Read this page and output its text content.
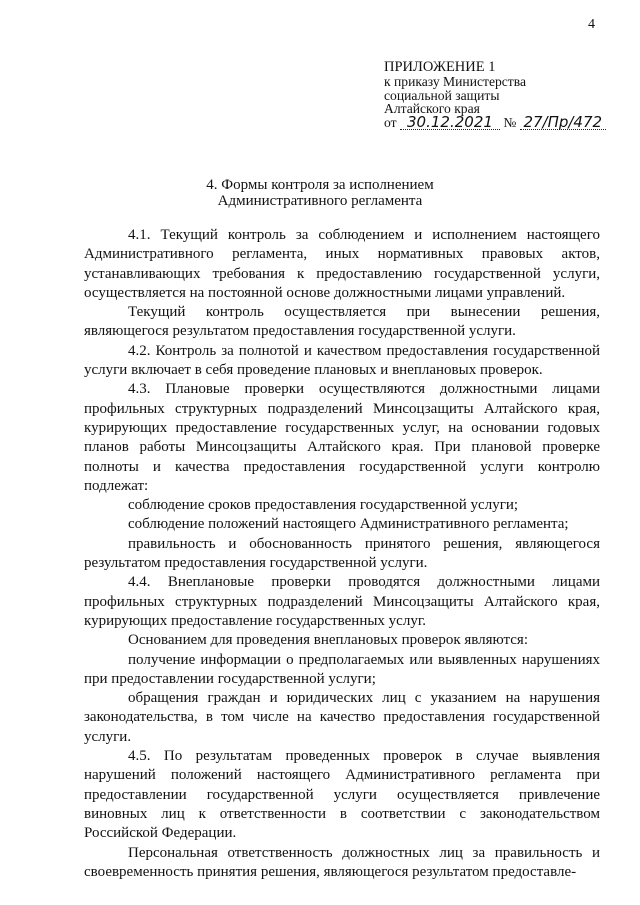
4
ПРИЛОЖЕНИЕ 1
к приказу Министерства
социальной защиты
Алтайского края
от 30.12.2021 № 27/Пр/472
4. Формы контроля за исполнением
Административного регламента

4.1. Текущий контроль за соблюдением и исполнением настоящего Административного регламента, иных нормативных правовых актов, устанавливающих требования к предоставлению государственной услуги, осуществляется на постоянной основе должностными лицами управлений.

Текущий контроль осуществляется при вынесении решения, являющегося результатом предоставления государственной услуги.

4.2. Контроль за полнотой и качеством предоставления государственной услуги включает в себя проведение плановых и внеплановых проверок.

4.3. Плановые проверки осуществляются должностными лицами профильных структурных подразделений Минсоцзащиты Алтайского края, курирующих предоставление государственных услуг, на основании годовых планов работы Минсоцзащиты Алтайского края. При плановой проверке полноты и качества предоставления государственной услуги контролю подлежат:

соблюдение сроков предоставления государственной услуги;

соблюдение положений настоящего Административного регламента;

правильность и обоснованность принятого решения, являющегося результатом предоставления государственной услуги.

4.4. Внеплановые проверки проводятся должностными лицами профильных структурных подразделений Минсоцзащиты Алтайского края, курирующих предоставление государственных услуг.

Основанием для проведения внеплановых проверок являются:

получение информации о предполагаемых или выявленных нарушениях при предоставлении государственной услуги;

обращения граждан и юридических лиц с указанием на нарушения законодательства, в том числе на качество предоставления государственной услуги.

4.5. По результатам проведенных проверок в случае выявления нарушений положений настоящего Административного регламента при предоставлении государственной услуги осуществляется привлечение виновных лиц к ответственности в соответствии с законодательством Российской Федерации.

Персональная ответственность должностных лиц за правильность и своевременность принятия решения, являющегося результатом предоставле-
